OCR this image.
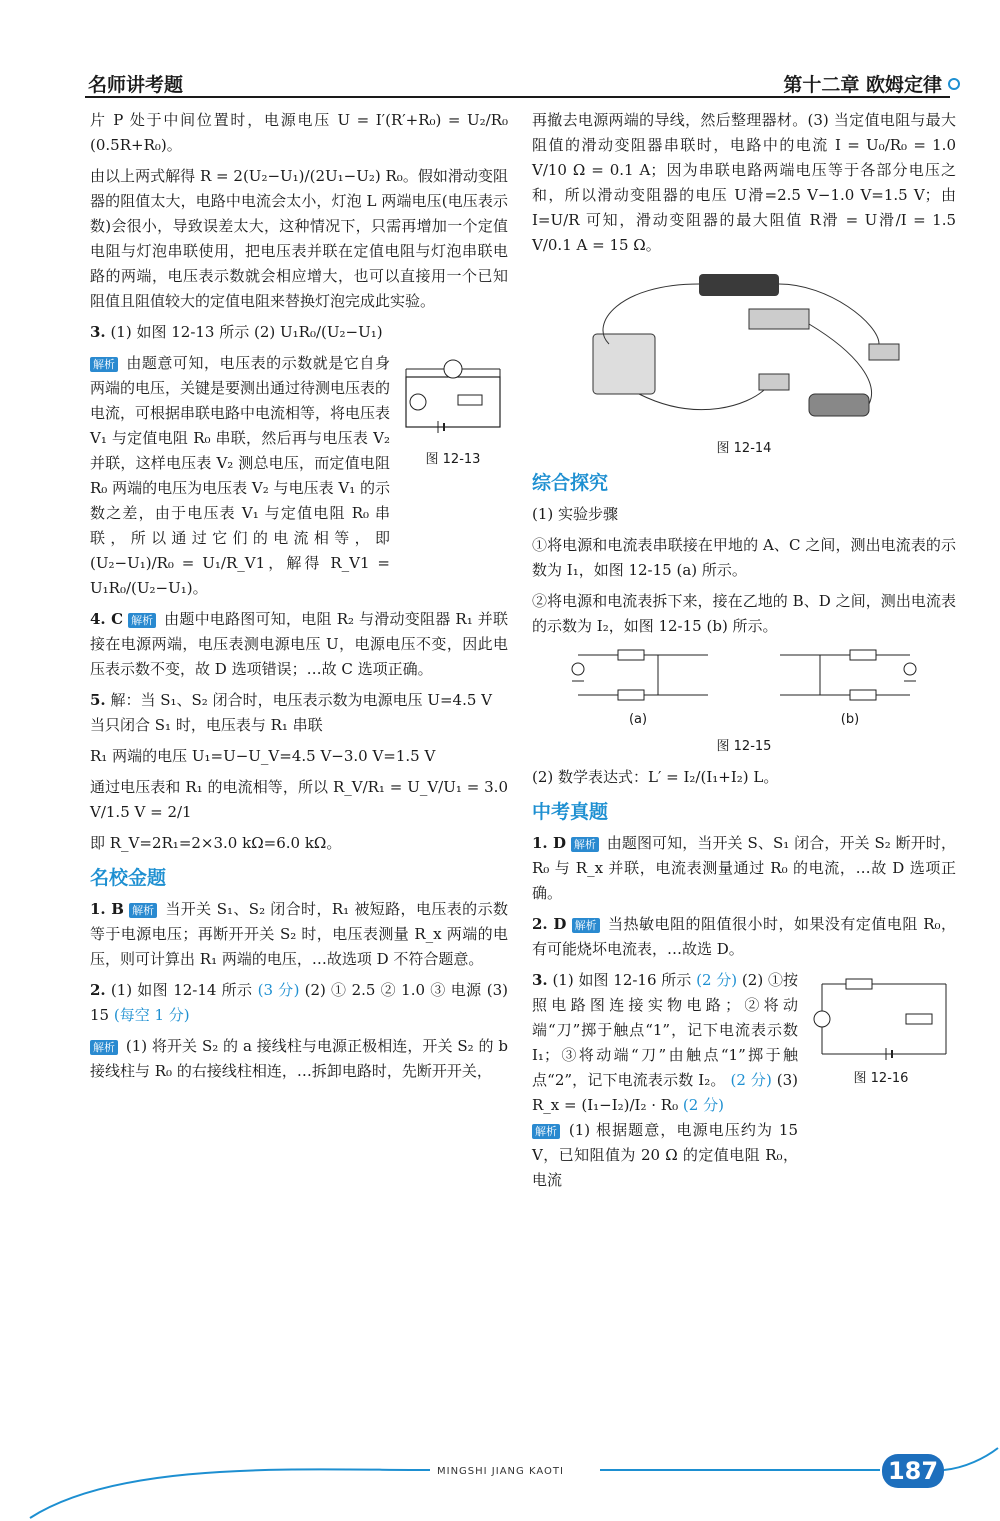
名师讲考题	第十二章 欧姆定律

片 P 处于中间位置时，电源电压 U = I′(R′+R₀) = U₂/R₀ (0.5R+R₀)。

由以上两式解得 R = 2(U₂−U₁)/(2U₁−U₂) R₀。假如滑动变阻器的阻值太大，电路中电流会太小，灯泡 L 两端电压(电压表示数)会很小，导致误差太大，这种情况下，只需再增加一个定值电阻与灯泡串联使用，把电压表并联在定值电阻与灯泡串联电路的两端，电压表示数就会相应增大，也可以直接用一个已知阻值且阻值较大的定值电阻来替换灯泡完成此实验。

3. (1) 如图 12-13 所示 (2) U₁R₀/(U₂−U₁)

解析 由题意可知，电压表的示数就是它自身两端的电压，关键是要测出通过待测电压表的电流，可根据串联电路中电流相等，将电压表 V₁ 与定值电阻 R₀ 串联，然后再与电压表 V₂ 并联，这样电压表 V₂ 测总电压，而定值电阻 R₀ 两端的电压为电压表 V₂ 与电压表 V₁ 的示数之差，由于电压表 V₁ 与定值电阻 R₀ 串联，所以通过它们的电流相等，即 (U₂−U₁)/R₀ = U₁/R_V1，解得 R_V1 = U₁R₀/(U₂−U₁)。

图 12-13

4. C 解析 由题中电路图可知，电阻 R₂ 与滑动变阻器 R₁ 并联接在电源两端，电压表测电源电压 U，电源电压不变，因此电压表示数不变，故 D 选项错误；…故 C 选项正确。

5. 解：当 S₁、S₂ 闭合时，电压表示数为电源电压 U=4.5 V

当只闭合 S₁ 时，电压表与 R₁ 串联

R₁ 两端的电压 U₁=U−U_V=4.5 V−3.0 V=1.5 V

通过电压表和 R₁ 的电流相等，所以 R_V/R₁ = U_V/U₁ = 3.0 V/1.5 V = 2/1

即 R_V=2R₁=2×3.0 kΩ=6.0 kΩ。

名校金题

1. B 解析 当开关 S₁、S₂ 闭合时，R₁ 被短路，电压表的示数等于电源电压；再断开开关 S₂ 时，电压表测量 R_x 两端的电压，则可计算出 R₁ 两端的电压，…故选项 D 不符合题意。

2. (1) 如图 12-14 所示 (3 分) (2) ① 2.5 ② 1.0 ③ 电源 (3) 15 (每空 1 分)

解析 (1) 将开关 S₂ 的 a 接线柱与电源正极相连，开关 S₂ 的 b 接线柱与 R₀ 的右接线柱相连，…拆卸电路时，先断开开关，

再撤去电源两端的导线，然后整理器材。(3) 当定值电阻与最大阻值的滑动变阻器串联时，电路中的电流 I = U₀/R₀ = 1.0 V/10 Ω = 0.1 A；因为串联电路两端电压等于各部分电压之和，所以滑动变阻器的电压 U滑=2.5 V−1.0 V=1.5 V；由 I=U/R 可知，滑动变阻器的最大阻值 R滑 = U滑/I = 1.5 V/0.1 A = 15 Ω。

图 12-14
综合探究

(1) 实验步骤

①将电源和电流表串联接在甲地的 A、C 之间，测出电流表的示数为 I₁，如图 12-15 (a) 所示。

②将电源和电流表拆下来，接在乙地的 B、D 之间，测出电流表的示数为 I₂，如图 12-15 (b) 所示。

(a)	(b)
图 12-15

(2) 数学表达式：L′ = I₂/(I₁+I₂) L。

中考真题

1. D 解析 由题图可知，当开关 S、S₁ 闭合，开关 S₂ 断开时，R₀ 与 R_x 并联，电流表测量通过 R₀ 的电流，…故 D 选项正确。

2. D 解析 当热敏电阻的阻值很小时，如果没有定值电阻 R₀，有可能烧坏电流表，…故选 D。

3. (1) 如图 12-16 所示 (2 分) (2) ①按照电路图连接实物电路；②将动端“刀”掷于触点“1”，记下电流表示数 I₁；③将动端“刀”由触点“1”掷于触点“2”，记下电流表示数 I₂。 (2 分) (3) R_x = (I₁−I₂)/I₂ · R₀ (2 分)
解析 (1) 根据题意，电源电压约为 15 V，已知阻值为 20 Ω 的定值电阻 R₀，电流

图 12-16
MINGSHI JIANG KAOTI	187
